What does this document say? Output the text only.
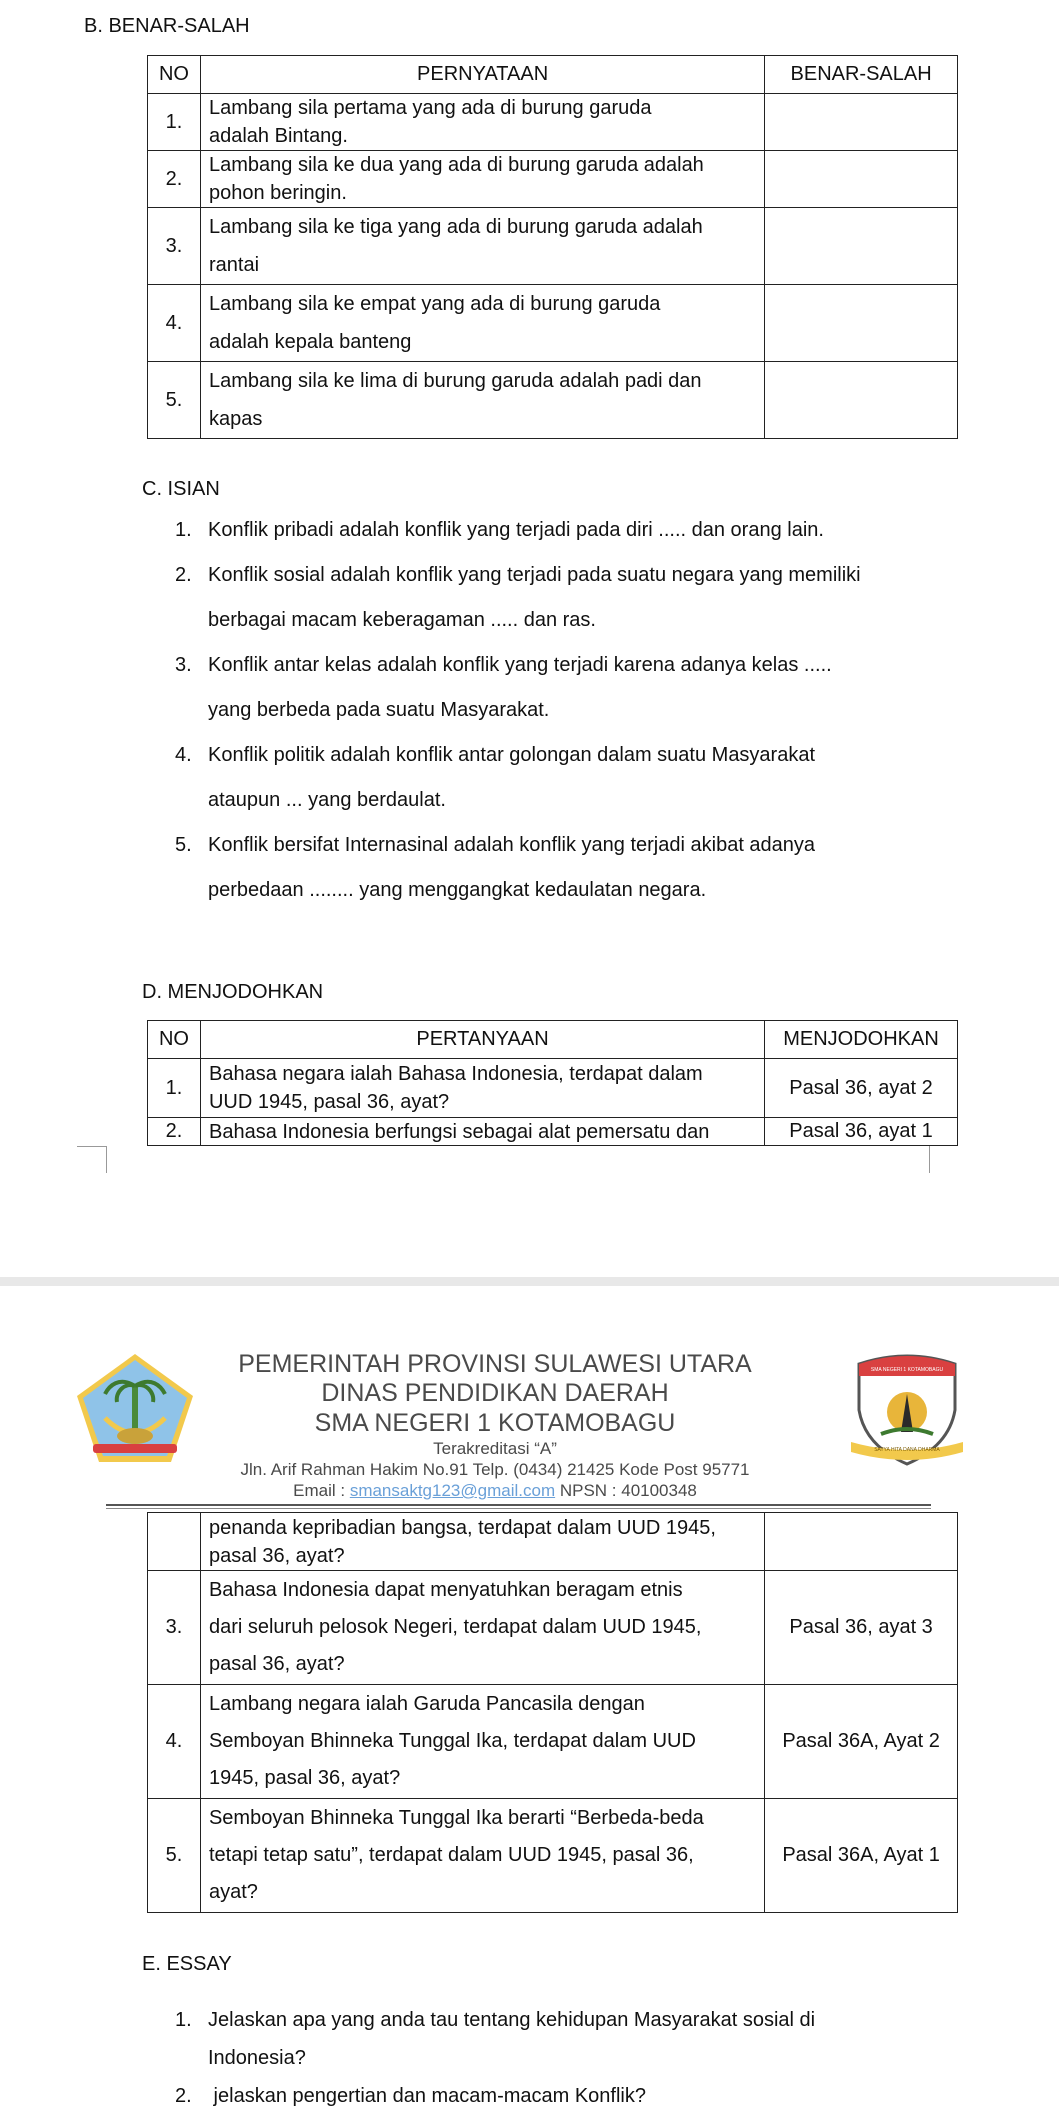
B. BENAR-SALAH
NO	PERNYATAAN	BENAR-SALAH
1.	Lambang sila pertama yang ada di burung garuda
adalah Bintang.	

2.	Lambang sila ke dua yang ada di burung garuda adalah
pohon beringin.	

3.	Lambang sila ke tiga yang ada di burung garuda adalah
rantai	

4.	Lambang sila ke empat yang ada di burung garuda
adalah kepala banteng	

5.	Lambang sila ke lima di burung garuda adalah padi dan
kapas	

C. ISIAN
1. Konflik pribadi adalah konflik yang terjadi pada diri ..... dan orang lain.
2. Konflik sosial adalah konflik yang terjadi pada suatu negara yang memiliki
berbagai macam keberagaman ..... dan ras.
3. Konflik antar kelas adalah konflik yang terjadi karena adanya kelas .....
yang berbeda pada suatu Masyarakat.
4. Konflik politik adalah konflik antar golongan dalam suatu Masyarakat
ataupun ... yang berdaulat.
5. Konflik bersifat Internasinal adalah konflik yang terjadi akibat adanya
perbedaan ........ yang menggangkat kedaulatan negara.
D. MENJODOHKAN
NO	PERTANYAAN	MENJODOHKAN
1.	Bahasa negara ialah Bahasa Indonesia, terdapat dalam
UUD 1945, pasal 36, ayat?	Pasal 36, ayat 2
2.	Bahasa Indonesia berfungsi sebagai alat pemersatu dan	Pasal 36, ayat 1
PEMERINTAH PROVINSI SULAWESI UTARA
DINAS PENDIDIKAN DAERAH
SMA NEGERI 1 KOTAMOBAGU
Terakreditasi “A”
Jln. Arif Rahman Hakim No.91 Telp. (0434) 21425 Kode Post 95771
Email : smansaktg123@gmail.com NPSN : 40100348
SMA NEGERI 1 KOTAMOBAGU
SATYA HITA DANA DHARMA

	penanda kepribadian bangsa, terdapat dalam UUD 1945,
pasal 36, ayat?	

3.	Bahasa Indonesia dapat menyatuhkan beragam etnis
dari seluruh pelosok Negeri, terdapat dalam UUD 1945,
pasal 36, ayat?	Pasal 36, ayat 3
4.	Lambang negara ialah Garuda Pancasila dengan
Semboyan Bhinneka Tunggal Ika, terdapat dalam UUD
1945, pasal 36, ayat?	Pasal 36A, Ayat 2
5.	Semboyan Bhinneka Tunggal Ika berarti “Berbeda-beda
tetapi tetap satu”, terdapat dalam UUD 1945, pasal 36,
ayat?	Pasal 36A, Ayat 1
E. ESSAY
1. Jelaskan apa yang anda tau tentang kehidupan Masyarakat sosial di
Indonesia?
2. jelaskan pengertian dan macam-macam Konflik?
